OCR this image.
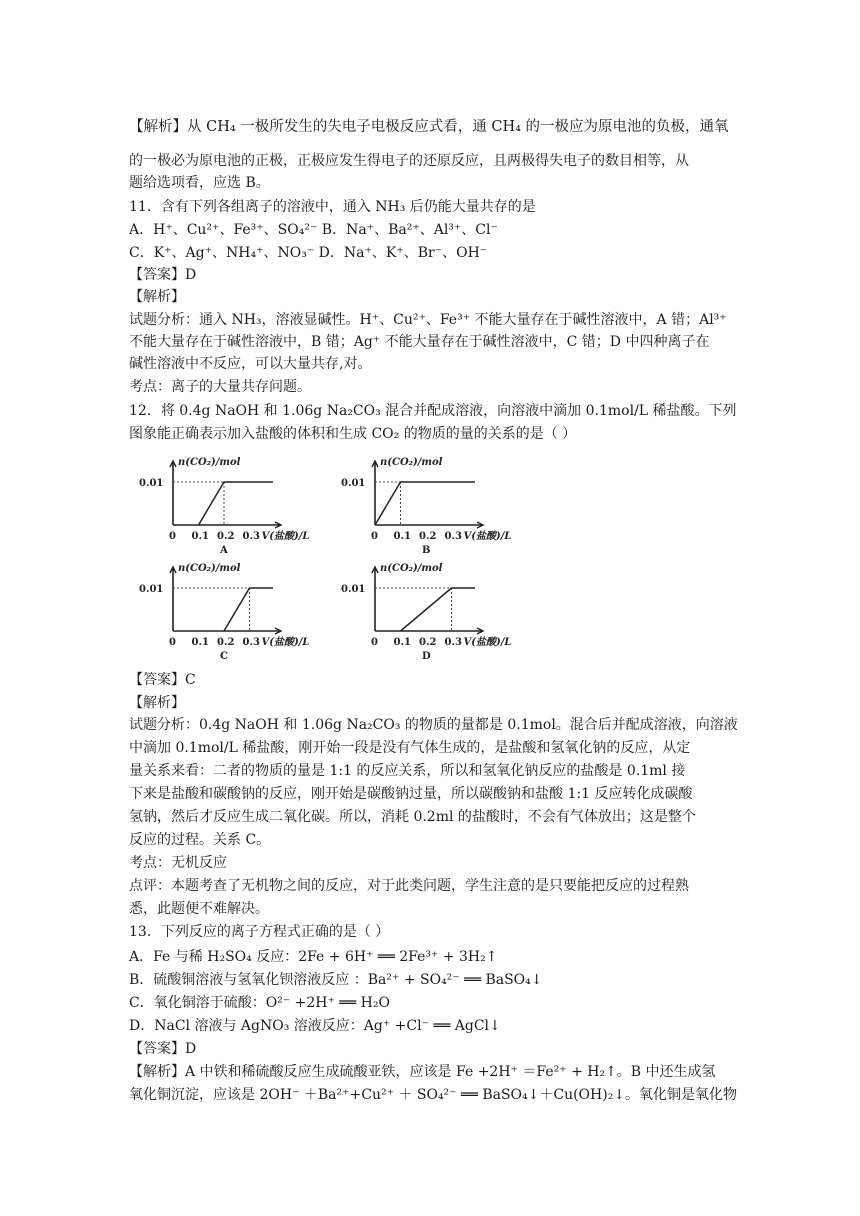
【解析】从 CH₄ 一极所发生的失电子电极反应式看，通 CH₄ 的一极应为原电池的负极，通氧
的一极必为原电池的正极，正极应发生得电子的还原反应，且两极得失电子的数目相等，从
题给选项看，应选 B。
11．含有下列各组离子的溶液中，通入 NH₃ 后仍能大量共存的是
A．H⁺、Cu²⁺、Fe³⁺、SO₄²⁻ B．Na⁺、Ba²⁺、Al³⁺、Cl⁻
C．K⁺、Ag⁺、NH₄⁺、NO₃⁻ D．Na⁺、K⁺、Br⁻、OH⁻
【答案】D
【解析】
试题分析：通入 NH₃，溶液显碱性。H⁺、Cu²⁺、Fe³⁺ 不能大量存在于碱性溶液中，A 错；Al³⁺
不能大量存在于碱性溶液中，B 错；Ag⁺ 不能大量存在于碱性溶液中，C 错；D 中四种离子在
碱性溶液中不反应，可以大量共存,对。
考点：离子的大量共存问题。
12．将 0.4g NaOH 和 1.06g Na₂CO₃ 混合并配成溶液，向溶液中滴加 0.1mol/L 稀盐酸。下列
图象能正确表示加入盐酸的体积和生成 CO₂ 的物质的量的关系的是（ ）
n(CO₂)/mol
0.01
0 0.1 0.2 0.3 V(盐酸)/L
A
n(CO₂)/mol
0.01
0 0.1 0.2 0.3 V(盐酸)/L
B
n(CO₂)/mol
0.01
0 0.1 0.2 0.3 V(盐酸)/L
C
n(CO₂)/mol
0.01
0 0.1 0.2 0.3 V(盐酸)/L
D
【答案】C
【解析】
试题分析：0.4g NaOH 和 1.06g Na₂CO₃ 的物质的量都是 0.1mol。混合后并配成溶液，向溶液
中滴加 0.1mol/L 稀盐酸，刚开始一段是没有气体生成的，是盐酸和氢氧化钠的反应，从定
量关系来看：二者的物质的量是 1:1 的反应关系，所以和氢氧化钠反应的盐酸是 0.1ml 接
下来是盐酸和碳酸钠的反应，刚开始是碳酸钠过量，所以碳酸钠和盐酸 1:1 反应转化成碳酸
氢钠，然后才反应生成二氧化碳。所以，消耗 0.2ml 的盐酸时，不会有气体放出；这是整个
反应的过程。关系 C。
考点：无机反应
点评：本题考查了无机物之间的反应，对于此类问题，学生注意的是只要能把反应的过程熟
悉，此题便不难解决。
13．下列反应的离子方程式正确的是（ ）
A．Fe 与稀 H₂SO₄ 反应：2Fe + 6H⁺ ══ 2Fe³⁺ + 3H₂↑
B．硫酸铜溶液与氢氧化钡溶液反应 ：Ba²⁺ + SO₄²⁻ ══ BaSO₄↓
C．氧化铜溶于硫酸：O²⁻ +2H⁺ ══ H₂O
D．NaCl 溶液与 AgNO₃ 溶液反应：Ag⁺ +Cl⁻ ══ AgCl↓
【答案】D
【解析】A 中铁和稀硫酸反应生成硫酸亚铁，应该是 Fe +2H⁺ ＝Fe²⁺ + H₂↑。B 中还生成氢
氧化铜沉淀，应该是 2OH⁻ ＋Ba²⁺+Cu²⁺ ＋ SO₄²⁻ ══ BaSO₄↓＋Cu(OH)₂↓。氧化铜是氧化物
